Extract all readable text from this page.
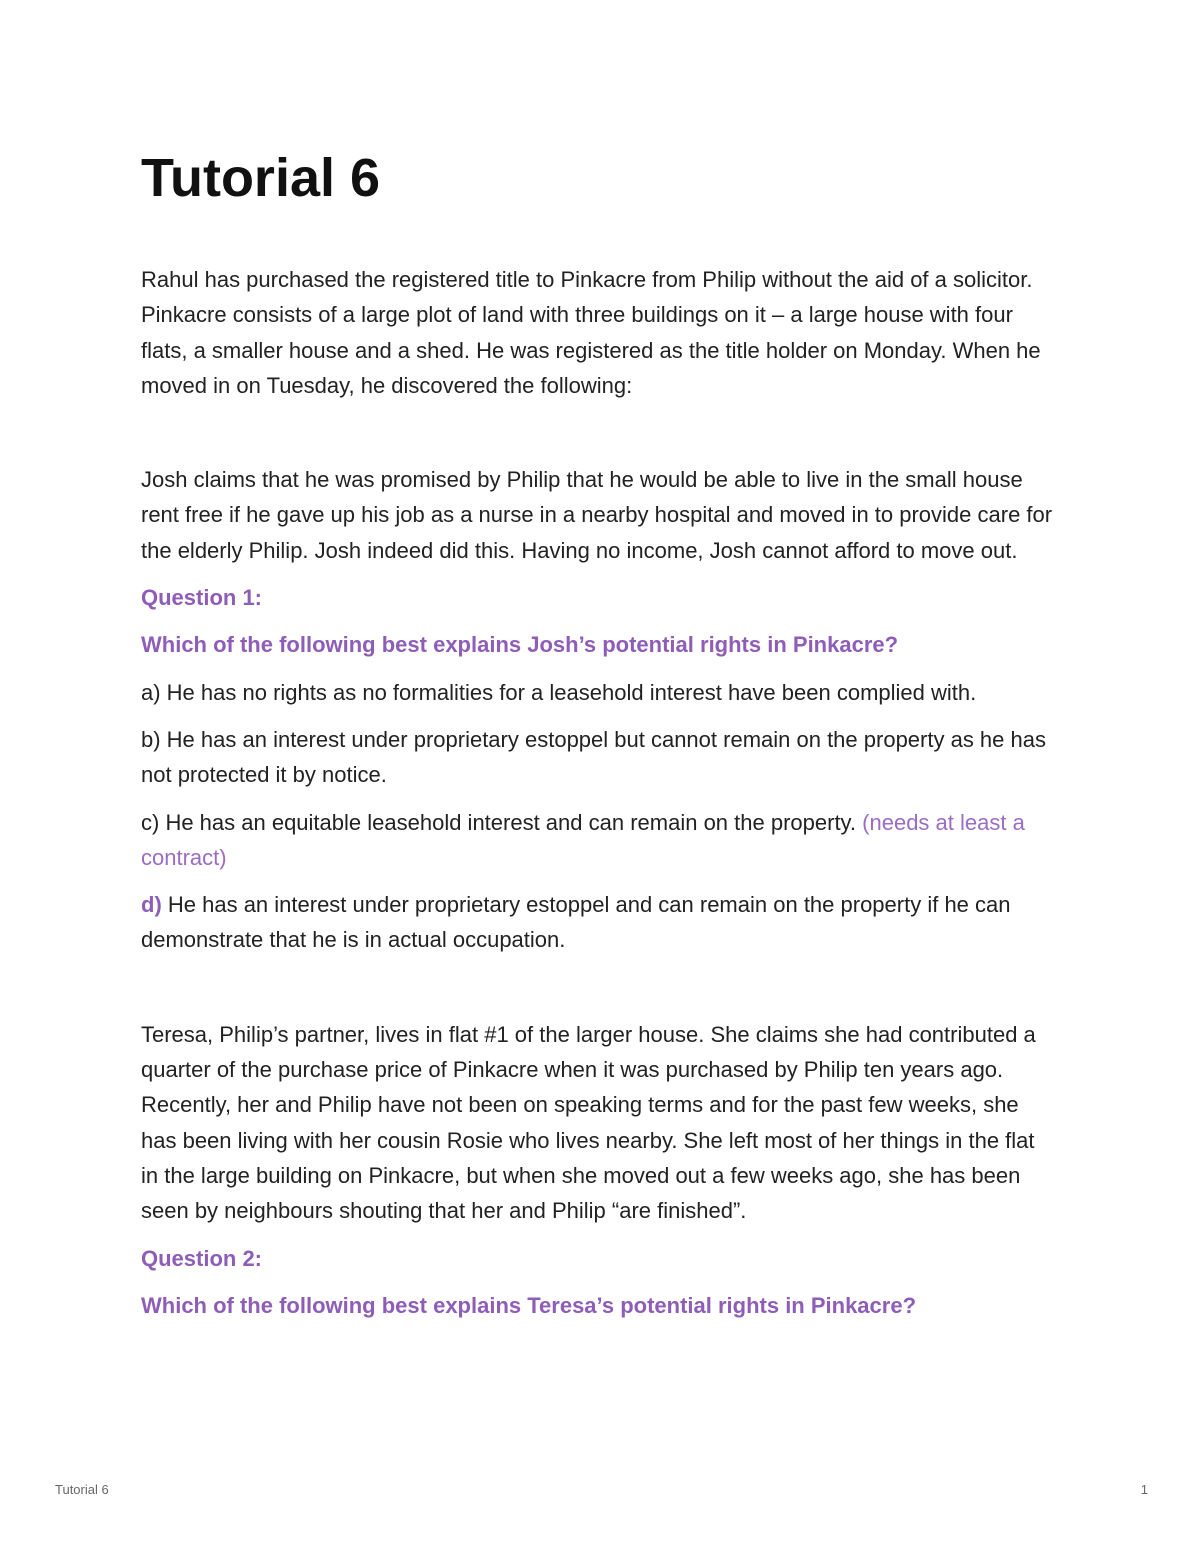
Tutorial 6

Rahul has purchased the registered title to Pinkacre from Philip without the aid of a solicitor. Pinkacre consists of a large plot of land with three buildings on it – a large house with four flats, a smaller house and a shed. He was registered as the title holder on Monday. When he moved in on Tuesday, he discovered the following:

Josh claims that he was promised by Philip that he would be able to live in the small house rent free if he gave up his job as a nurse in a nearby hospital and moved in to provide care for the elderly Philip. Josh indeed did this. Having no income, Josh cannot afford to move out.

Question 1:

Which of the following best explains Josh’s potential rights in Pinkacre?

a) He has no rights as no formalities for a leasehold interest have been complied with.

b) He has an interest under proprietary estoppel but cannot remain on the property as he has not protected it by notice.

c) He has an equitable leasehold interest and can remain on the property. (needs at least a contract)

d) He has an interest under proprietary estoppel and can remain on the property if he can demonstrate that he is in actual occupation.

Teresa, Philip’s partner, lives in flat #1 of the larger house. She claims she had contributed a quarter of the purchase price of Pinkacre when it was purchased by Philip ten years ago. Recently, her and Philip have not been on speaking terms and for the past few weeks, she has been living with her cousin Rosie who lives nearby. She left most of her things in the flat in the large building on Pinkacre, but when she moved out a few weeks ago, she has been seen by neighbours shouting that her and Philip “are finished”.

Question 2:

Which of the following best explains Teresa’s potential rights in Pinkacre?

Tutorial 6	1
